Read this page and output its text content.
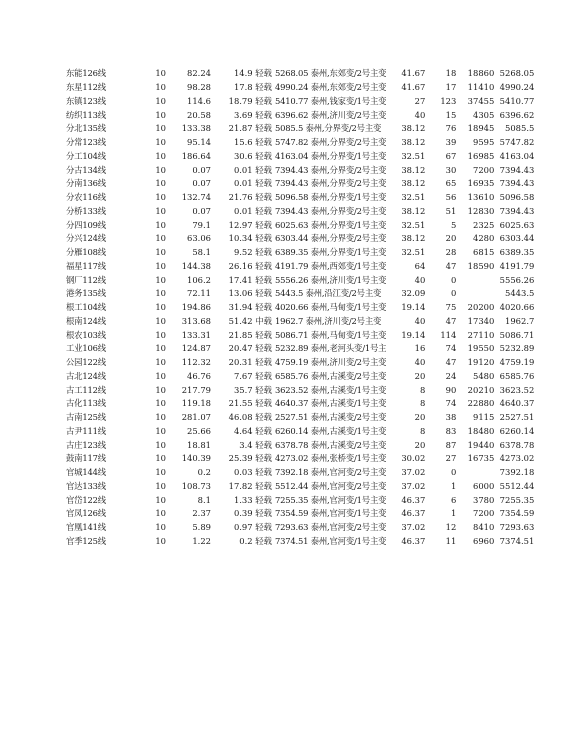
东能126线	10	82.24	14.9 轻载	5268.05 泰州,东郊变/2号主变	41.67	18	18860	5268.05
东星112线	10	98.28	17.8 轻载	4990.24 泰州,东郊变/2号主变	41.67	17	11410	4990.24
东镇123线	10	114.6	18.79 轻载	5410.77 泰州,钱家变/1号主变	27	123	37455	5410.77
纺织113线	10	20.58	3.69 轻载	6396.62 泰州,济川变/2号主变	40	15	4305	6396.62
分北135线	10	133.38	21.87 轻载	5085.5 泰州,分界变/2号主变	38.12	76	18945	5085.5
分常123线	10	95.14	15.6 轻载	5747.82 泰州,分界变/2号主变	38.12	39	9595	5747.82
分工104线	10	186.64	30.6 轻载	4163.04 泰州,分界变/1号主变	32.51	67	16985	4163.04
分古134线	10	0.07	0.01 轻载	7394.43 泰州,分界变/2号主变	38.12	30	7200	7394.43
分南136线	10	0.07	0.01 轻载	7394.43 泰州,分界变/2号主变	38.12	65	16935	7394.43
分农116线	10	132.74	21.76 轻载	5096.58 泰州,分界变/1号主变	32.51	56	13610	5096.58
分桥133线	10	0.07	0.01 轻载	7394.43 泰州,分界变/2号主变	38.12	51	12830	7394.43
分四109线	10	79.1	12.97 轻载	6025.63 泰州,分界变/1号主变	32.51	5	2325	6025.63
分兴124线	10	63.06	10.34 轻载	6303.44 泰州,分界变/2号主变	38.12	20	4280	6303.44
分雁108线	10	58.1	9.52 轻载	6389.35 泰州,分界变/1号主变	32.51	28	6815	6389.35
福星117线	10	144.38	26.16 轻载	4191.79 泰州,西郊变/1号主变	64	47	18590	4191.79
钢厂112线	10	106.2	17.41 轻载	5556.26 泰州,济川变/1号主变	40	0		5556.26
港务135线	10	72.11	13.06 轻载	5443.5 泰州,沿江变/2号主变	32.09	0		5443.5
根工104线	10	194.86	31.94 轻载	4020.66 泰州,马甸变/1号主变	19.14	75	20200	4020.66
根南124线	10	313.68	51.42 中载	1962.7 泰州,济川变/2号主变	40	47	17340	1962.7
根农103线	10	133.31	21.85 轻载	5086.71 泰州,马甸变/1号主变	19.14	114	27110	5086.71
工业106线	10	124.87	20.47 轻载	5232.89 泰州,老河头变/1号主	16	74	19550	5232.89
公园122线	10	112.32	20.31 轻载	4759.19 泰州,济川变/2号主变	40	47	19120	4759.19
古北124线	10	46.76	7.67 轻载	6585.76 泰州,古溪变/2号主变	20	24	5480	6585.76
古工112线	10	217.79	35.7 轻载	3623.52 泰州,古溪变/1号主变	8	90	20210	3623.52
古化113线	10	119.18	21.55 轻载	4640.37 泰州,古溪变/1号主变	8	74	22880	4640.37
古南125线	10	281.07	46.08 轻载	2527.51 泰州,古溪变/2号主变	20	38	9115	2527.51
古尹111线	10	25.66	4.64 轻载	6260.14 泰州,古溪变/1号主变	8	83	18480	6260.14
古庄123线	10	18.81	3.4 轻载	6378.78 泰州,古溪变/2号主变	20	87	19440	6378.78
鼓南117线	10	140.39	25.39 轻载	4273.02 泰州,张桥变/1号主变	30.02	27	16735	4273.02
官城144线	10	0.2	0.03 轻载	7392.18 泰州,官河变/2号主变	37.02	0		7392.18
官达133线	10	108.73	17.82 轻载	5512.44 泰州,官河变/2号主变	37.02	1	6000	5512.44
官岱122线	10	8.1	1.33 轻载	7255.35 泰州,官河变/1号主变	46.37	6	3780	7255.35
官凤126线	10	2.37	0.39 轻载	7354.59 泰州,官河变/1号主变	46.37	1	7200	7354.59
官凰141线	10	5.89	0.97 轻载	7293.63 泰州,官河变/2号主变	37.02	12	8410	7293.63
官季125线	10	1.22	0.2 轻载	7374.51 泰州,官河变/1号主变	46.37	11	6960	7374.51
